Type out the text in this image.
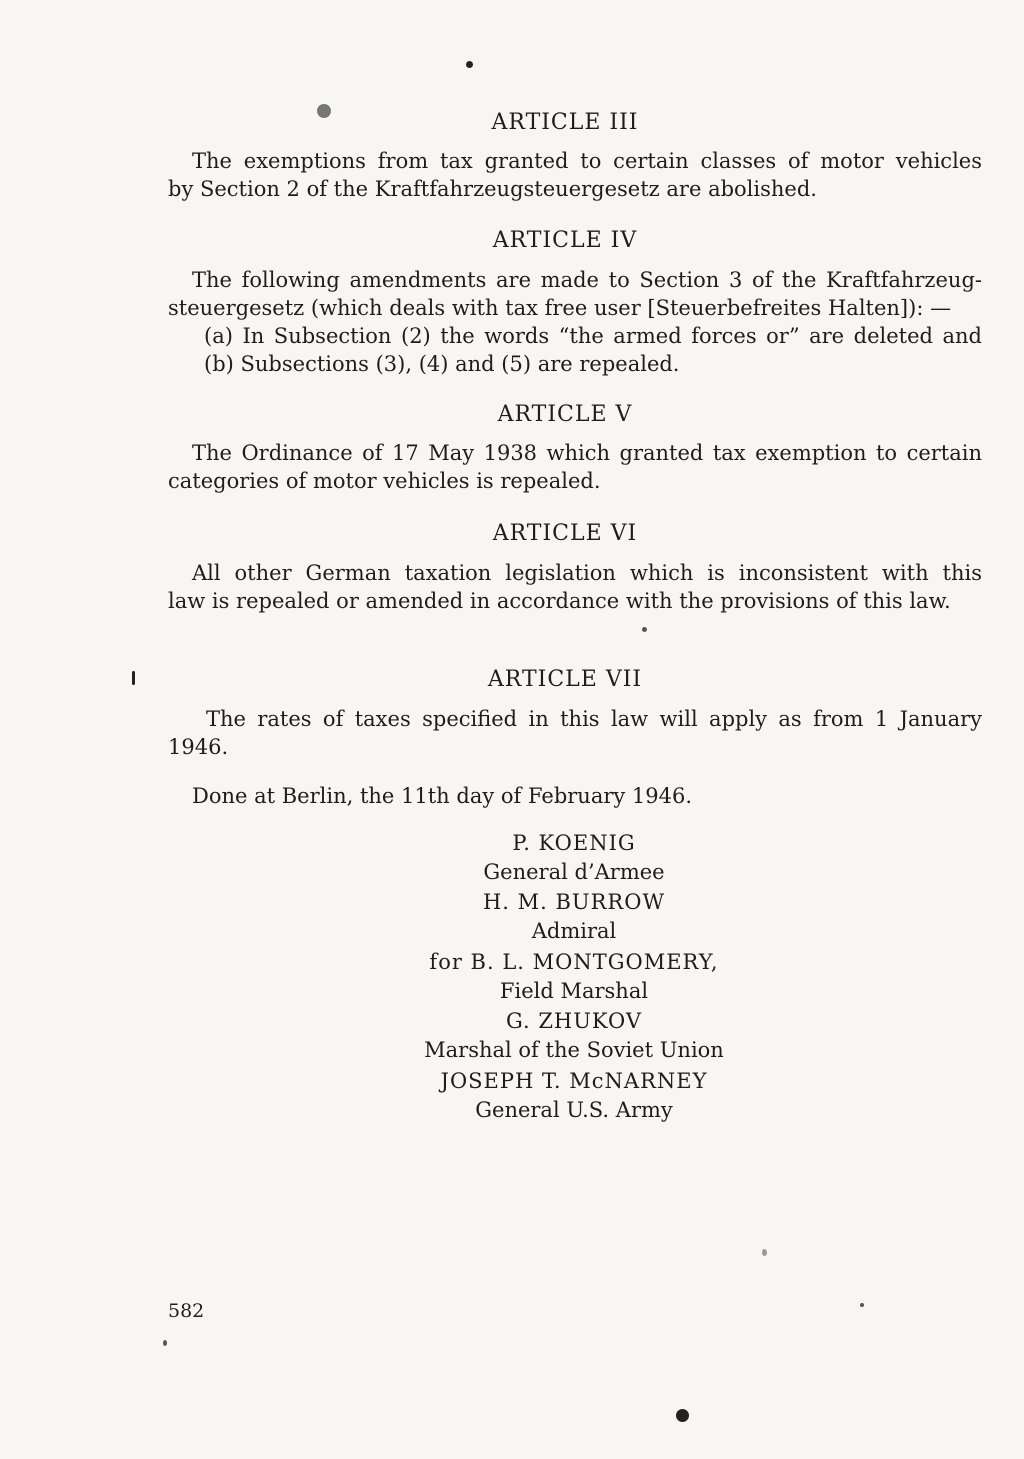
ARTICLE III
The exemptions from tax granted to certain classes of motor vehicles
by Section 2 of the Kraftfahrzeugsteuergesetz are abolished.
ARTICLE IV
The following amendments are made to Section 3 of the Kraftfahrzeug-
steuergesetz (which deals with tax free user [Steuerbefreites Halten]): —
(a) In Subsection (2) the words “the armed forces or” are deleted and
(b) Subsections (3), (4) and (5) are repealed.
ARTICLE V
The Ordinance of 17 May 1938 which granted tax exemption to certain
categories of motor vehicles is repealed.
ARTICLE VI
All other German taxation legislation which is inconsistent with this
law is repealed or amended in accordance with the provisions of this law.
ARTICLE VII
The rates of taxes specified in this law will apply as from 1 January
1946.
Done at Berlin, the 11th day of February 1946.
P. KOENIG
General d’Armee
H. M. BURROW
Admiral
for B. L. MONTGOMERY,
Field Marshal
G. ZHUKOV
Marshal of the Soviet Union
JOSEPH T. McNARNEY
General U.S. Army
582
